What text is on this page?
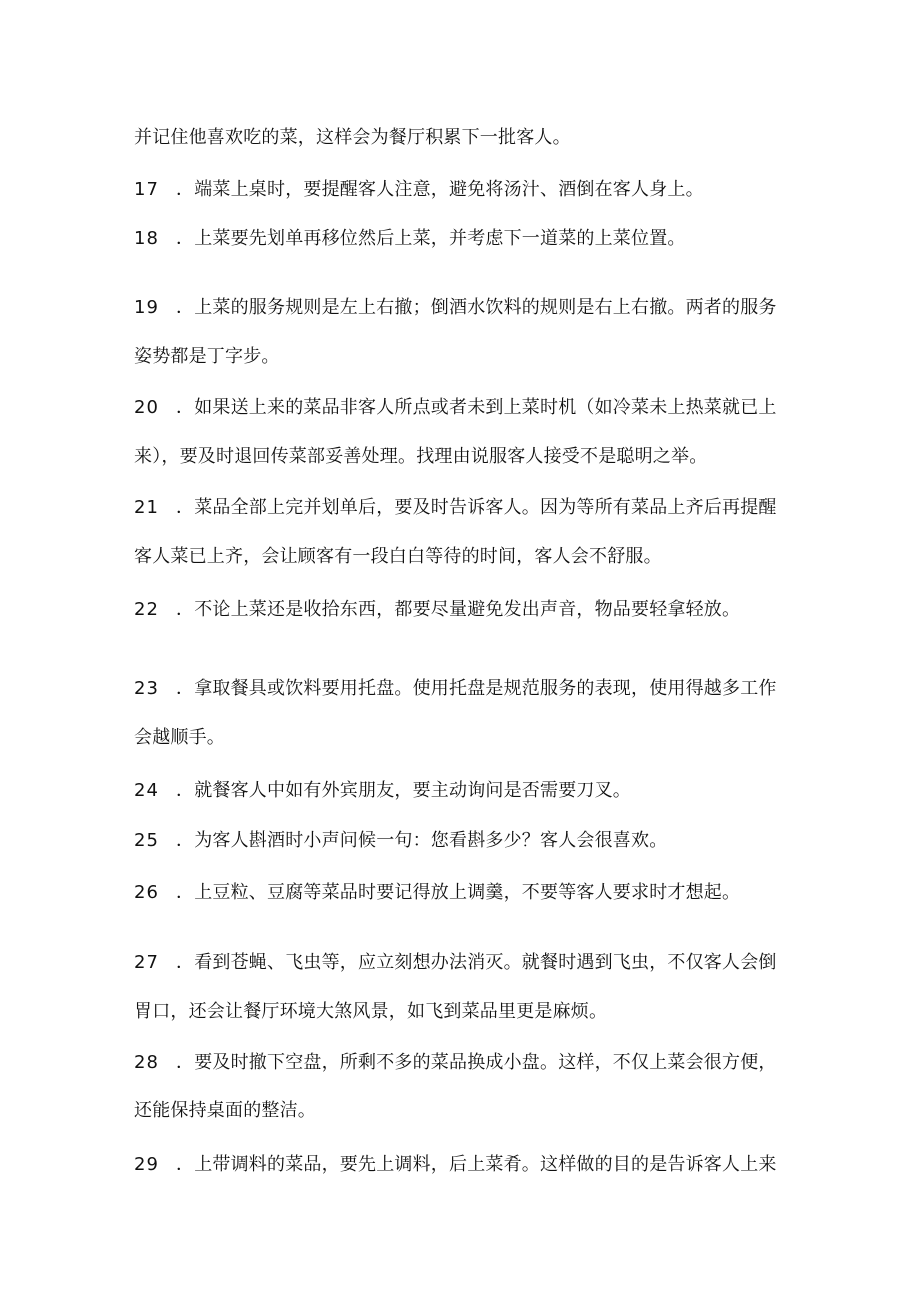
并记住他喜欢吃的菜，这样会为餐厅积累下一批客人。
17 ．端菜上桌时，要提醒客人注意，避免将汤汁、酒倒在客人身上。
18 ．上菜要先划单再移位然后上菜，并考虑下一道菜的上菜位置。
19 ．上菜的服务规则是左上右撤；倒酒水饮料的规则是右上右撤。两者的服务
姿势都是丁字步。
20 ．如果送上来的菜品非客人所点或者未到上菜时机（如冷菜未上热菜就已上
来），要及时退回传菜部妥善处理。找理由说服客人接受不是聪明之举。
21 ．菜品全部上完并划单后，要及时告诉客人。因为等所有菜品上齐后再提醒
客人菜已上齐，会让顾客有一段白白等待的时间，客人会不舒服。
22 ．不论上菜还是收拾东西，都要尽量避免发出声音，物品要轻拿轻放。
23 ．拿取餐具或饮料要用托盘。使用托盘是规范服务的表现，使用得越多工作
会越顺手。
24 ．就餐客人中如有外宾朋友，要主动询问是否需要刀叉。
25 ．为客人斟酒时小声问候一句：您看斟多少？客人会很喜欢。
26 ．上豆粒、豆腐等菜品时要记得放上调羹，不要等客人要求时才想起。
27 ．看到苍蝇、飞虫等，应立刻想办法消灭。就餐时遇到飞虫，不仅客人会倒
胃口，还会让餐厅环境大煞风景，如飞到菜品里更是麻烦。
28 ．要及时撤下空盘，所剩不多的菜品换成小盘。这样，不仅上菜会很方便，
还能保持桌面的整洁。
29 ．上带调料的菜品，要先上调料，后上菜肴。这样做的目的是告诉客人上来
